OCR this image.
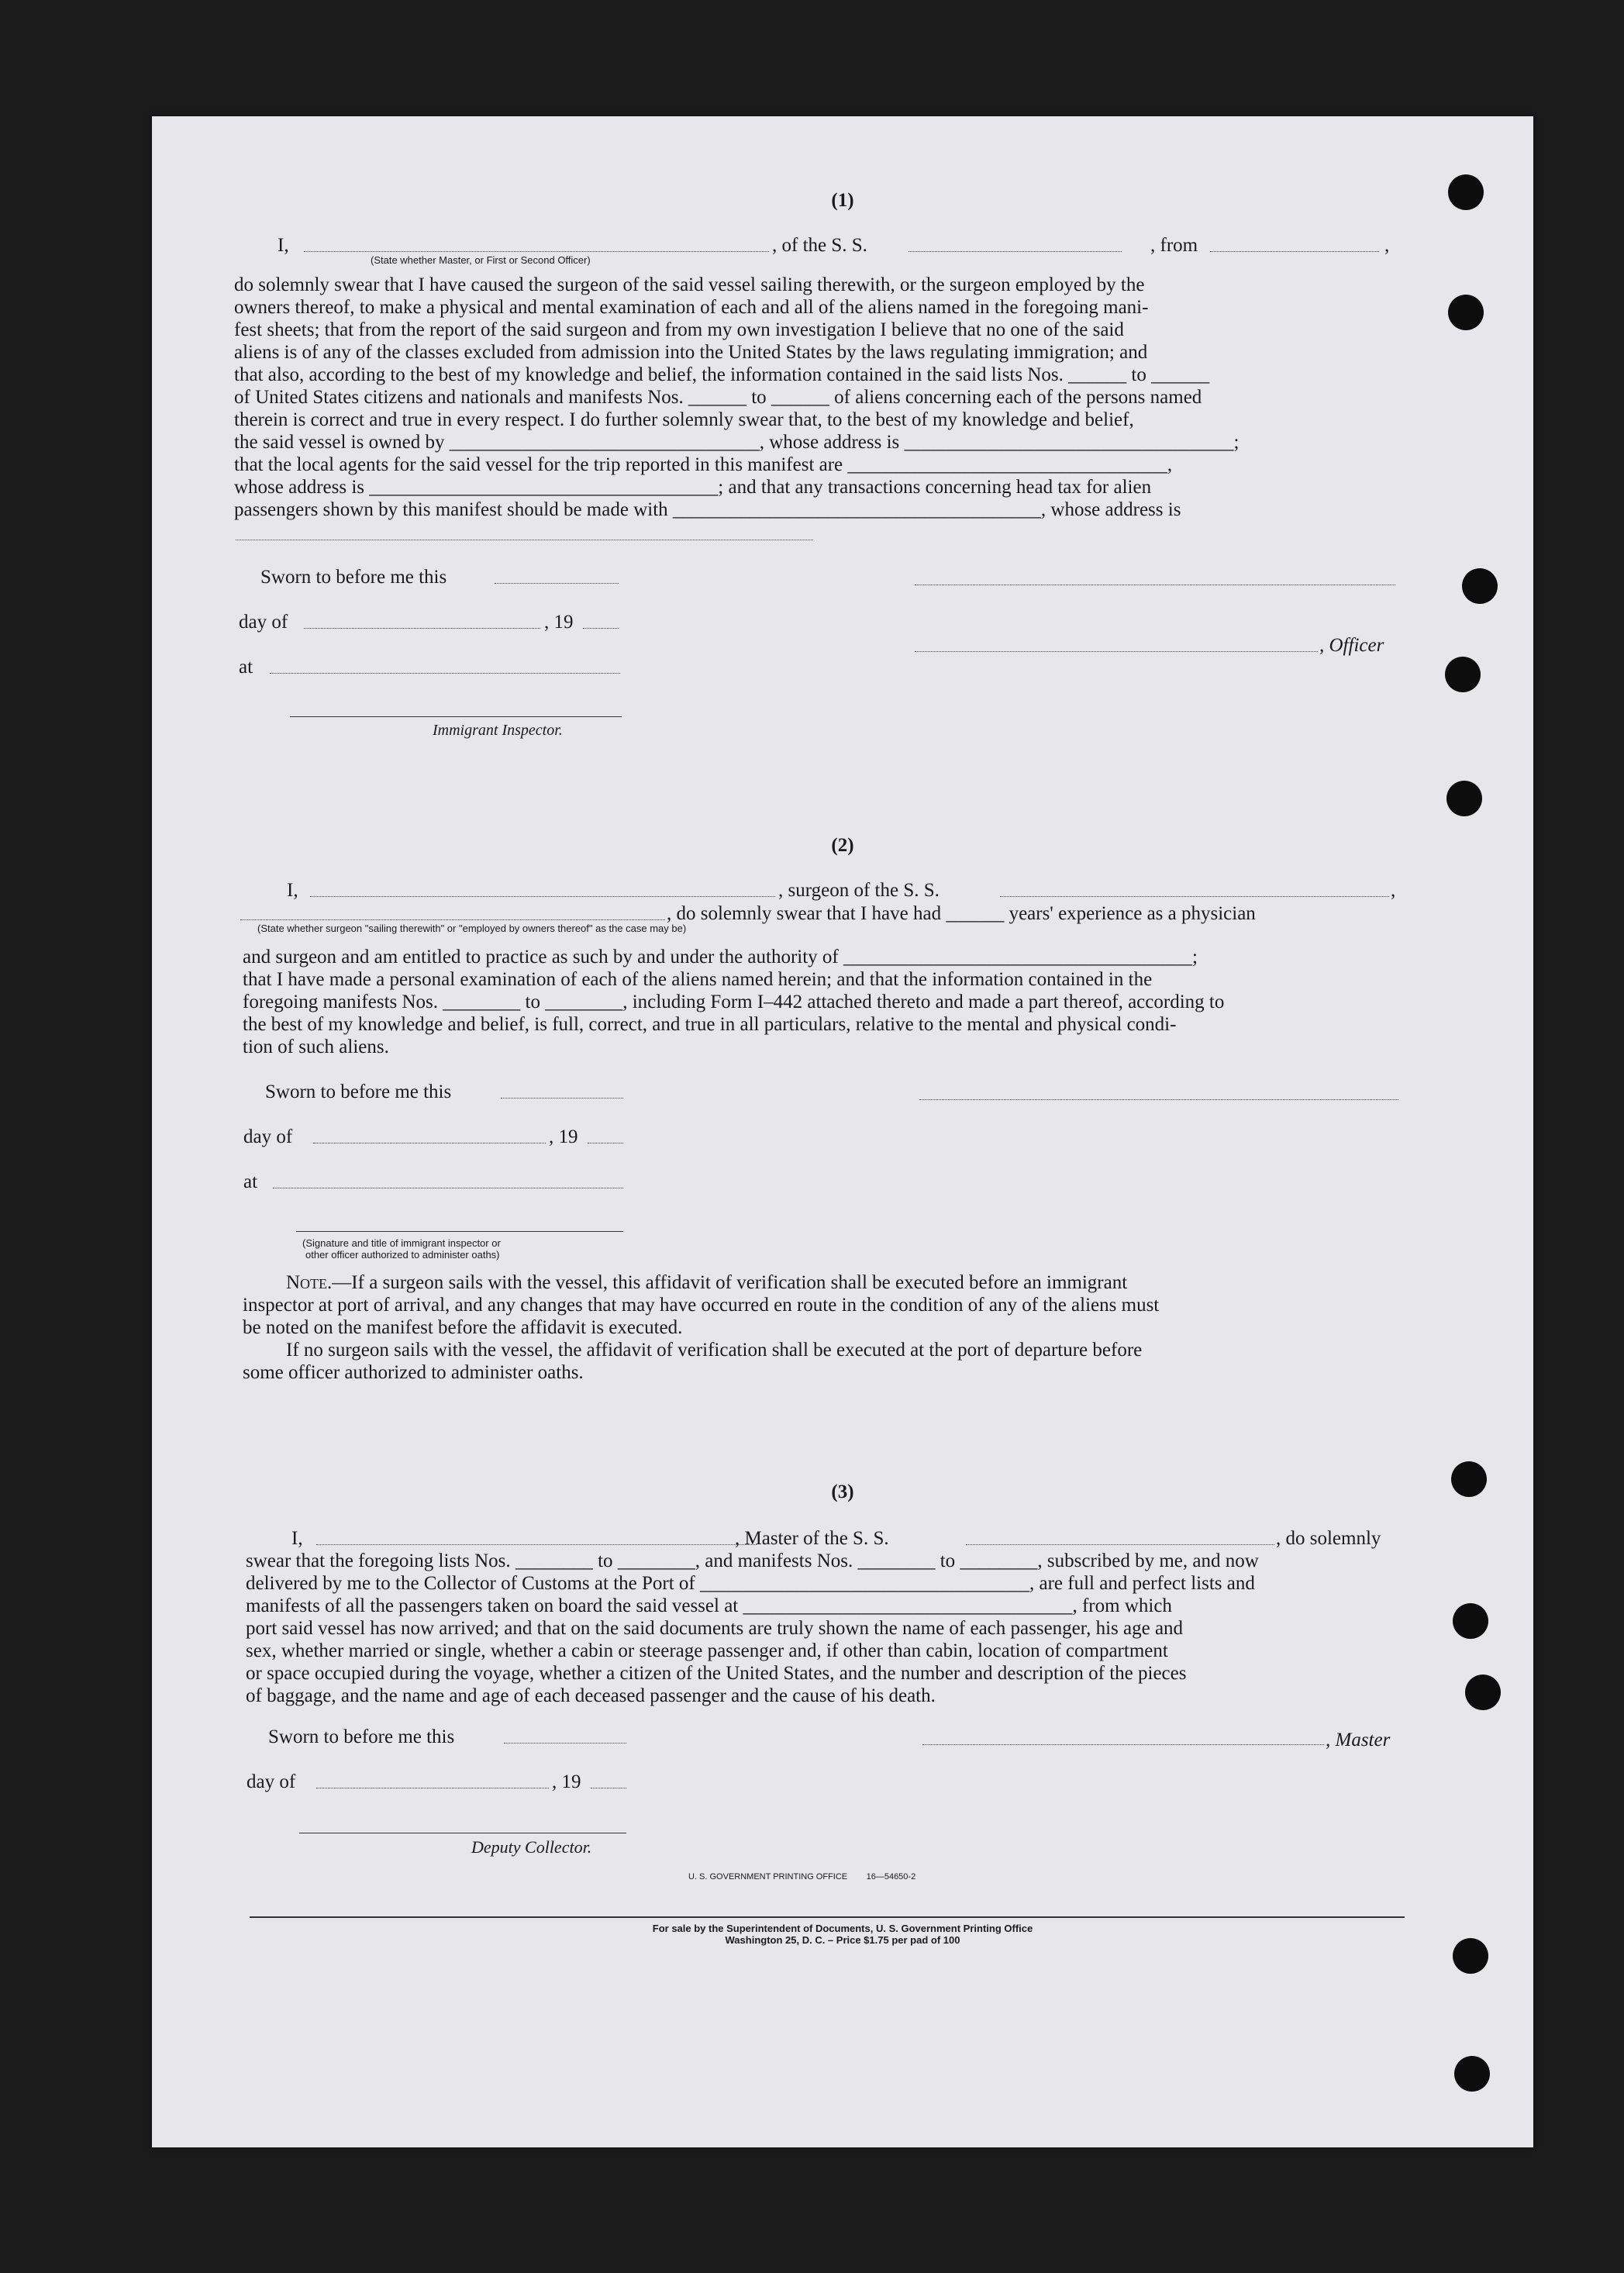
(1)
I,	, of the S. S.	, from	,
(State whether Master, or First or Second Officer)
do solemnly swear that I have caused the surgeon of the said vessel sailing therewith, or the surgeon employed by the
owners thereof, to make a physical and mental examination of each and all of the aliens named in the foregoing mani-
fest sheets; that from the report of the said surgeon and from my own investigation I believe that no one of the said
aliens is of any of the classes excluded from admission into the United States by the laws regulating immigration; and
that also, according to the best of my knowledge and belief, the information contained in the said lists Nos. ______ to ______
of United States citizens and nationals and manifests Nos. ______ to ______ of aliens concerning each of the persons named
therein is correct and true in every respect. I do further solemnly swear that, to the best of my knowledge and belief,
the said vessel is owned by ________________________________, whose address is __________________________________;
that the local agents for the said vessel for the trip reported in this manifest are _________________________________,
whose address is ____________________________________; and that any transactions concerning head tax for alien
passengers shown by this manifest should be made with ______________________________________, whose address is
Sworn to before me this
day of	, 19
, Officer
at
Immigrant Inspector.
(2)
I,	, surgeon of the S. S.	,
, do solemnly swear that I have had ______ years' experience as a physician
(State whether surgeon "sailing therewith" or "employed by owners thereof" as the case may be)
and surgeon and am entitled to practice as such by and under the authority of ____________________________________;
that I have made a personal examination of each of the aliens named herein; and that the information contained in the
foregoing manifests Nos. ________ to ________, including Form I–442 attached thereto and made a part thereof, according to
the best of my knowledge and belief, is full, correct, and true in all particulars, relative to the mental and physical condi-
tion of such aliens.
Sworn to before me this
day of	, 19
at
(Signature and title of immigrant inspector or
other officer authorized to administer oaths)
Note.—If a surgeon sails with the vessel, this affidavit of verification shall be executed before an immigrant
inspector at port of arrival, and any changes that may have occurred en route in the condition of any of the aliens must
be noted on the manifest before the affidavit is executed.
If no surgeon sails with the vessel, the affidavit of verification shall be executed at the port of departure before
some officer authorized to administer oaths.
(3)
I,	, Master of the S. S.	, do solemnly
swear that the foregoing lists Nos. ________ to ________, and manifests Nos. ________ to ________, subscribed by me, and now
delivered by me to the Collector of Customs at the Port of __________________________________, are full and perfect lists and
manifests of all the passengers taken on board the said vessel at __________________________________, from which
port said vessel has now arrived; and that on the said documents are truly shown the name of each passenger, his age and
sex, whether married or single, whether a cabin or steerage passenger and, if other than cabin, location of compartment
or space occupied during the voyage, whether a citizen of the United States, and the number and description of the pieces
of baggage, and the name and age of each deceased passenger and the cause of his death.
Sworn to before me this	, Master
day of	, 19
Deputy Collector.
U. S. GOVERNMENT PRINTING OFFICE        16—54650-2
For sale by the Superintendent of Documents, U. S. Government Printing Office
Washington 25, D. C. – Price $1.75 per pad of 100
